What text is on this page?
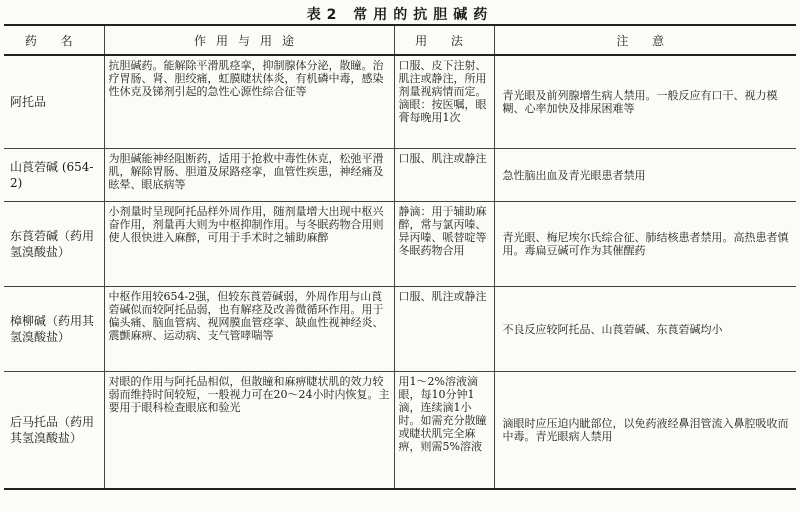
表2 常用的抗胆碱药
药 名	作用与用途	用 法	注 意
阿托品	抗胆碱药。能解除平滑肌痉挛，抑制腺体分泌，散瞳。治疗胃肠、肾、胆绞痛，虹膜睫状体炎，有机磷中毒，感染性休克及锑剂引起的急性心源性综合征等	口服、皮下注射、肌注或静注，所用剂量视病情而定。滴眼：按医嘱，眼膏每晚用1次	青光眼及前列腺增生病人禁用。一般反应有口干、视力模糊、心率加快及排尿困难等
山莨菪碱 (654-2)	为胆碱能神经阻断药，适用于抢救中毒性休克，松弛平滑肌，解除胃肠、胆道及尿路痉挛，血管性疾患，神经痛及眩晕、眼底病等	口服、肌注或静注	急性脑出血及青光眼患者禁用
东莨菪碱（药用氢溴酸盐）	小剂量时呈现阿托品样外周作用，随剂量增大出现中枢兴奋作用，剂量再大则为中枢抑制作用。与冬眠药物合用则使人很快进入麻醉，可用于手术时之辅助麻醉	静滴：用于辅助麻醉，常与氯丙嗪、异丙嗪、哌替啶等冬眠药物合用	青光眼、梅尼埃尔氏综合征、肺结核患者禁用。高热患者慎用。毒扁豆碱可作为其催醒药
樟柳碱（药用其氢溴酸盐）	中枢作用较654-2强，但较东莨菪碱弱，外周作用与山莨菪碱似而较阿托品弱，也有解痉及改善微循环作用。用于偏头痛、脑血管病、视网膜血管痉挛、缺血性视神经炎、震颤麻痹、运动病、支气管哮喘等	口服、肌注或静注	不良反应较阿托品、山莨菪碱、东莨菪碱均小
后马托品（药用其氢溴酸盐）	对眼的作用与阿托品相似，但散瞳和麻痹睫状肌的效力较弱而维持时间较短，一般视力可在20～24小时内恢复。主要用于眼科检查眼底和验光	用1～2%溶液滴眼，每10分钟1滴，连续滴1小时。如需充分散瞳或睫状肌完全麻痹，则需5%溶液	滴眼时应压迫内眦部位，以免药液经鼻泪管流入鼻腔吸收而中毒。青光眼病人禁用
